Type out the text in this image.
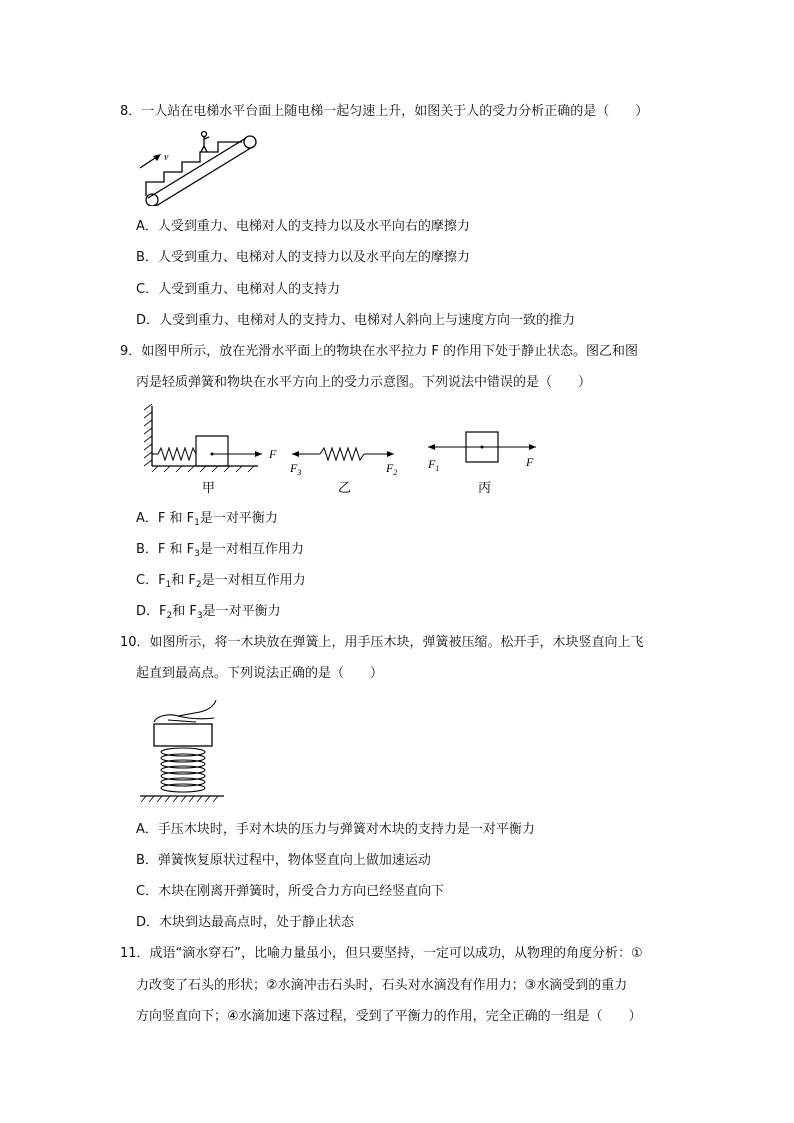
8．一人站在电梯水平台面上随电梯一起匀速上升，如图关于人的受力分析正确的是（　　）
v
A．人受到重力、电梯对人的支持力以及水平向右的摩擦力
B．人受到重力、电梯对人的支持力以及水平向左的摩擦力
C．人受到重力、电梯对人的支持力
D．人受到重力、电梯对人的支持力、电梯对人斜向上与速度方向一致的推力
9．如图甲所示，放在光滑水平面上的物块在水平拉力 F 的作用下处于静止状态。图乙和图
丙是轻质弹簧和物块在水平方向上的受力示意图。下列说法中错误的是（　　）
F
甲
$F_3$	$F_2$
乙
$F_1$	F
丙
A．F 和 $F_1$是一对平衡力
B．F 和 $F_3$是一对相互作用力
C．$F_1$和 $F_2$是一对相互作用力
D．$F_2$和 $F_3$是一对平衡力
10．如图所示，将一木块放在弹簧上，用手压木块，弹簧被压缩。松开手，木块竖直向上飞
起直到最高点。下列说法正确的是（　　）
A．手压木块时，手对木块的压力与弹簧对木块的支持力是一对平衡力
B．弹簧恢复原状过程中，物体竖直向上做加速运动
C．木块在刚离开弹簧时，所受合力方向已经竖直向下
D．木块到达最高点时，处于静止状态
11．成语“滴水穿石”，比喻力量虽小，但只要坚持，一定可以成功，从物理的角度分析：①
力改变了石头的形状；②水滴冲击石头时，石头对水滴没有作用力；③水滴受到的重力
方向竖直向下；④水滴加速下落过程，受到了平衡力的作用，完全正确的一组是（　　）
